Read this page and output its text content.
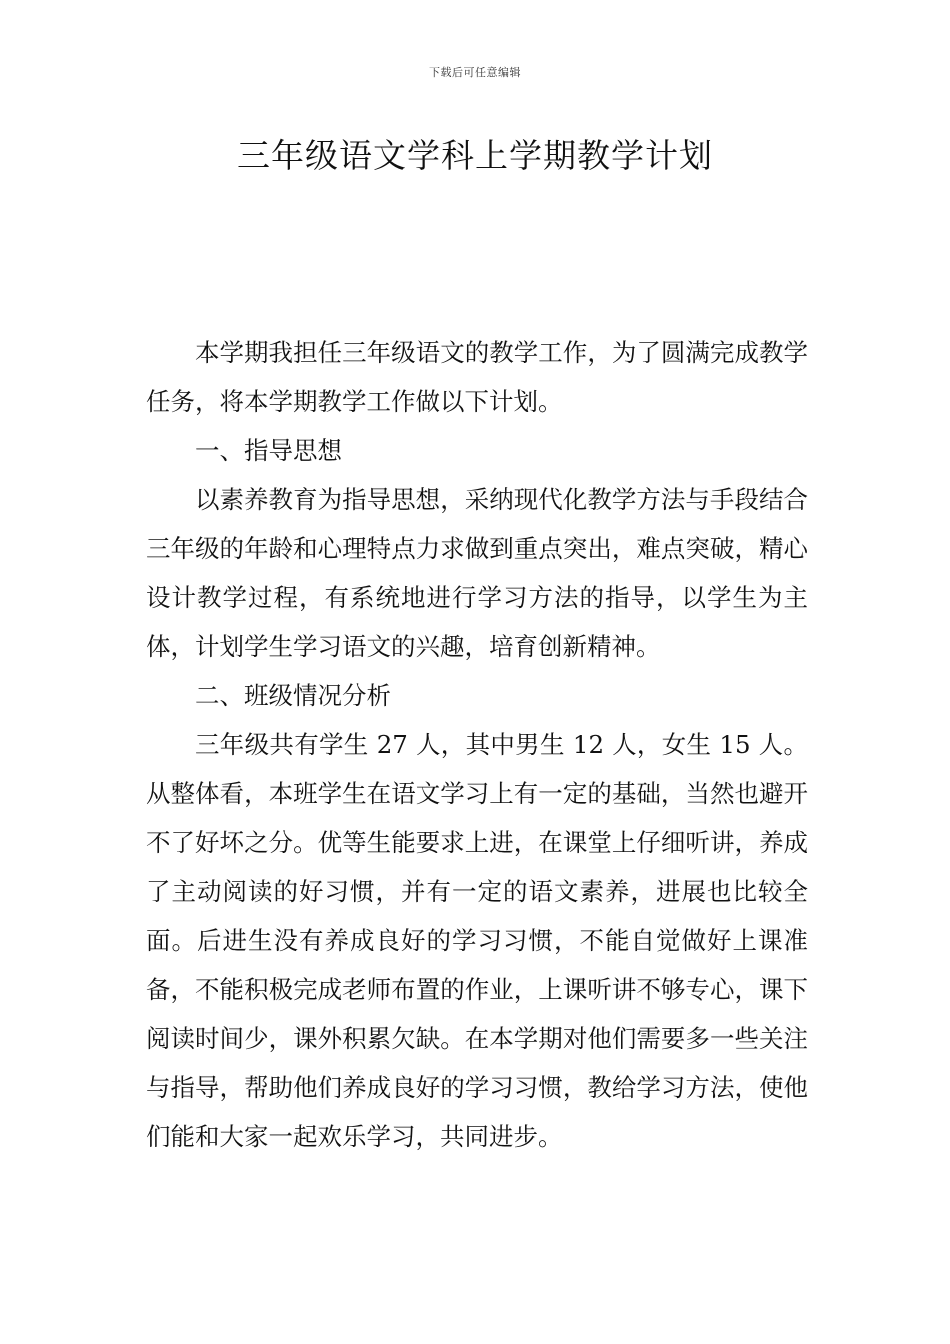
下载后可任意编辑
三年级语文学科上学期教学计划

本学期我担任三年级语文的教学工作，为了圆满完成教学任务，将本学期教学工作做以下计划。

一、指导思想

以素养教育为指导思想，采纳现代化教学方法与手段结合三年级的年龄和心理特点力求做到重点突出，难点突破，精心设计教学过程，有系统地进行学习方法的指导，以学生为主体，计划学生学习语文的兴趣，培育创新精神。

二、班级情况分析

三年级共有学生 27 人，其中男生 12 人，女生 15 人。从整体看，本班学生在语文学习上有一定的基础，当然也避开不了好坏之分。优等生能要求上进，在课堂上仔细听讲，养成了主动阅读的好习惯，并有一定的语文素养，进展也比较全面。后进生没有养成良好的学习习惯，不能自觉做好上课准备，不能积极完成老师布置的作业，上课听讲不够专心，课下阅读时间少，课外积累欠缺。在本学期对他们需要多一些关注与指导，帮助他们养成良好的学习习惯，教给学习方法，使他们能和大家一起欢乐学习，共同进步。
